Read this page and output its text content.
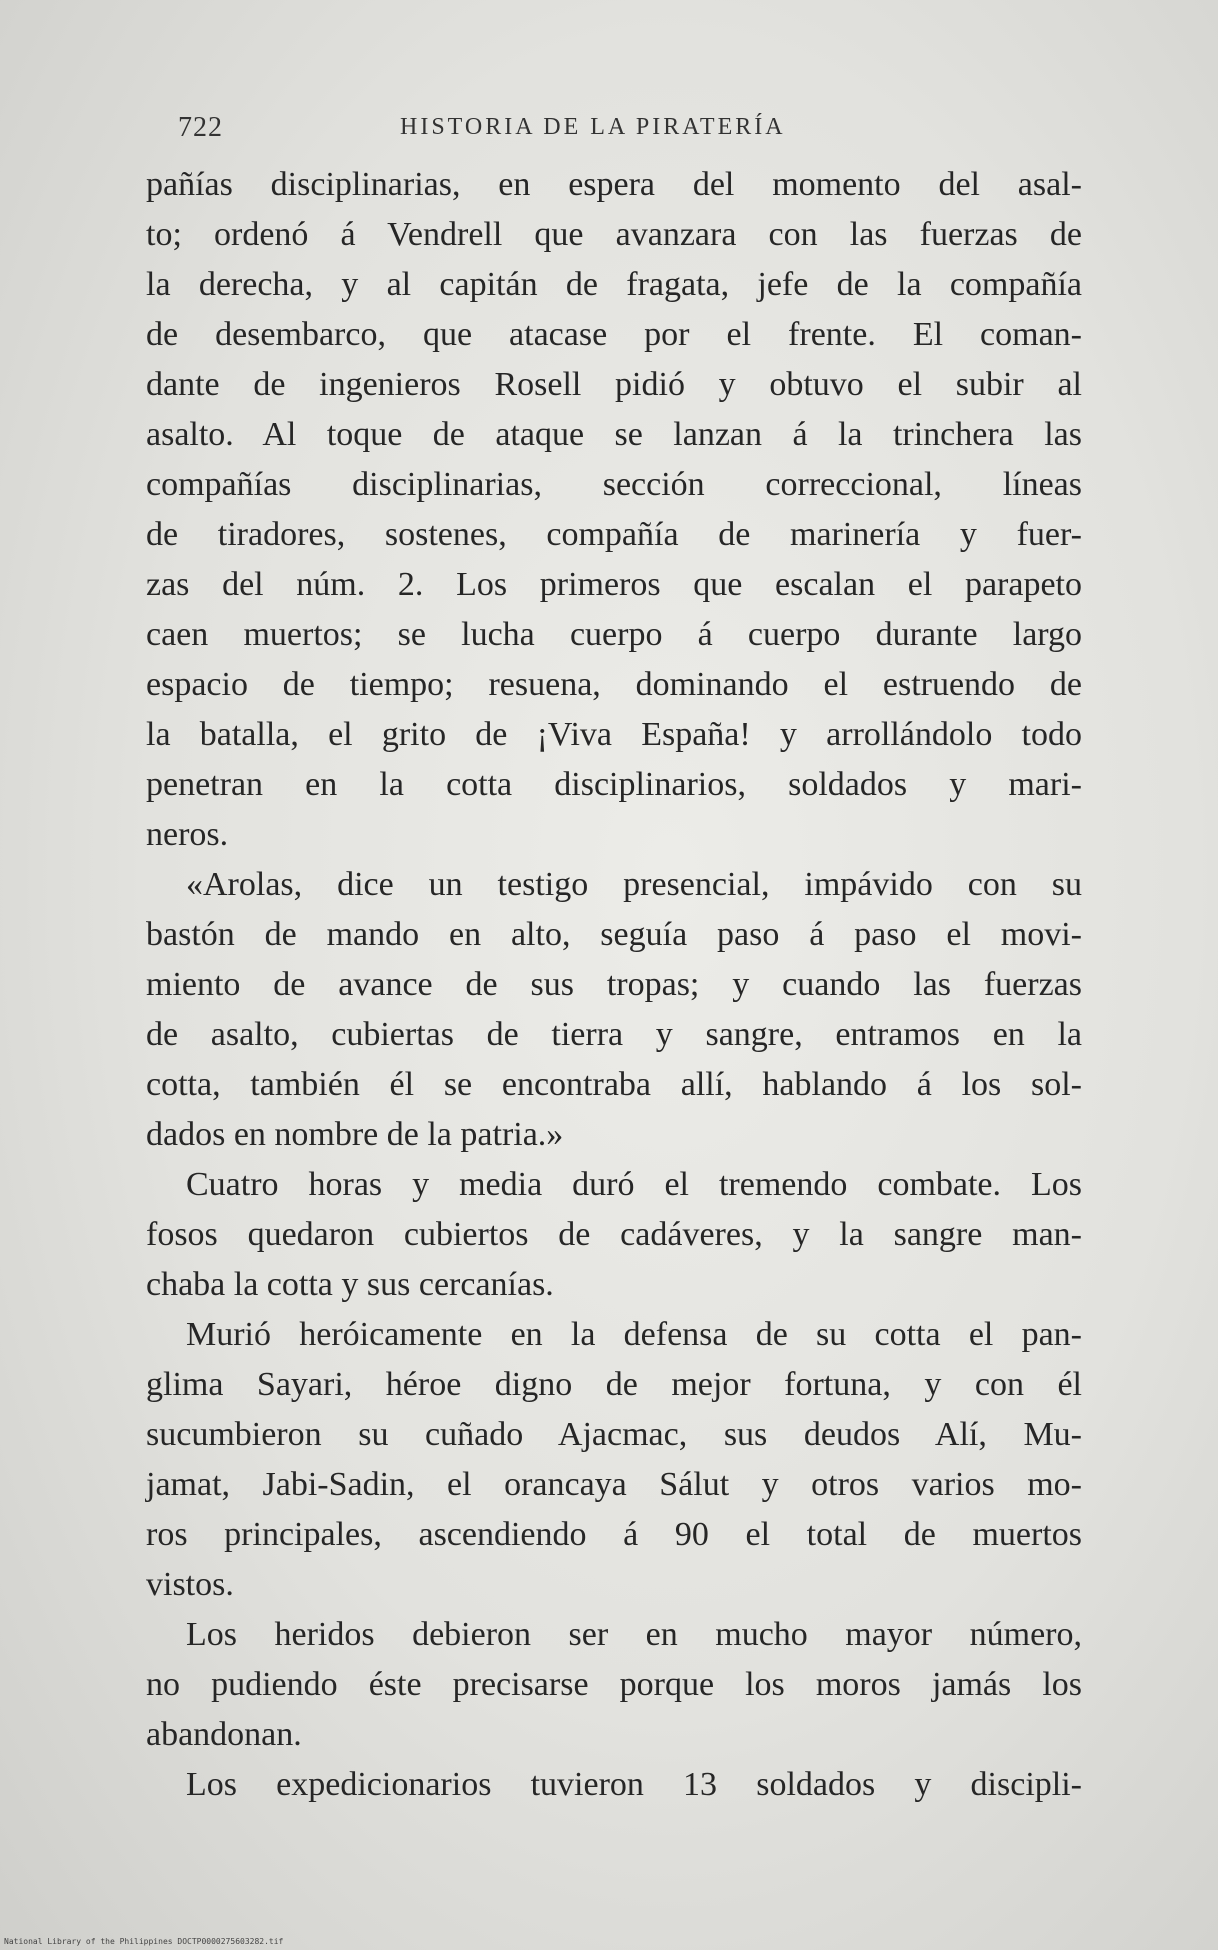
722	HISTORIA DE LA PIRATERÍA
pañías disciplinarias, en espera del momento del asal-
to; ordenó á Vendrell que avanzara con las fuerzas de
la derecha, y al capitán de fragata, jefe de la compañía
de desembarco, que atacase por el frente. El coman-
dante de ingenieros Rosell pidió y obtuvo el subir al
asalto. Al toque de ataque se lanzan á la trinchera las
compañías disciplinarias, sección correccional, líneas
de tiradores, sostenes, compañía de marinería y fuer-
zas del núm. 2. Los primeros que escalan el parapeto
caen muertos; se lucha cuerpo á cuerpo durante largo
espacio de tiempo; resuena, dominando el estruendo de
la batalla, el grito de ¡Viva España! y arrollándolo todo
penetran en la cotta disciplinarios, soldados y mari-
neros.
«Arolas, dice un testigo presencial, impávido con su
bastón de mando en alto, seguía paso á paso el movi-
miento de avance de sus tropas; y cuando las fuerzas
de asalto, cubiertas de tierra y sangre, entramos en la
cotta, también él se encontraba allí, hablando á los sol-
dados en nombre de la patria.»
Cuatro horas y media duró el tremendo combate. Los
fosos quedaron cubiertos de cadáveres, y la sangre man-
chaba la cotta y sus cercanías.
Murió heróicamente en la defensa de su cotta el pan-
glima Sayari, héroe digno de mejor fortuna, y con él
sucumbieron su cuñado Ajacmac, sus deudos Alí, Mu-
jamat, Jabi-Sadin, el orancaya Sálut y otros varios mo-
ros principales, ascendiendo á 90 el total de muertos
vistos.
Los heridos debieron ser en mucho mayor número,
no pudiendo éste precisarse porque los moros jamás los
abandonan.
Los expedicionarios tuvieron 13 soldados y discipli-
National Library of the Philippines DOCTP0000275603282.tif
